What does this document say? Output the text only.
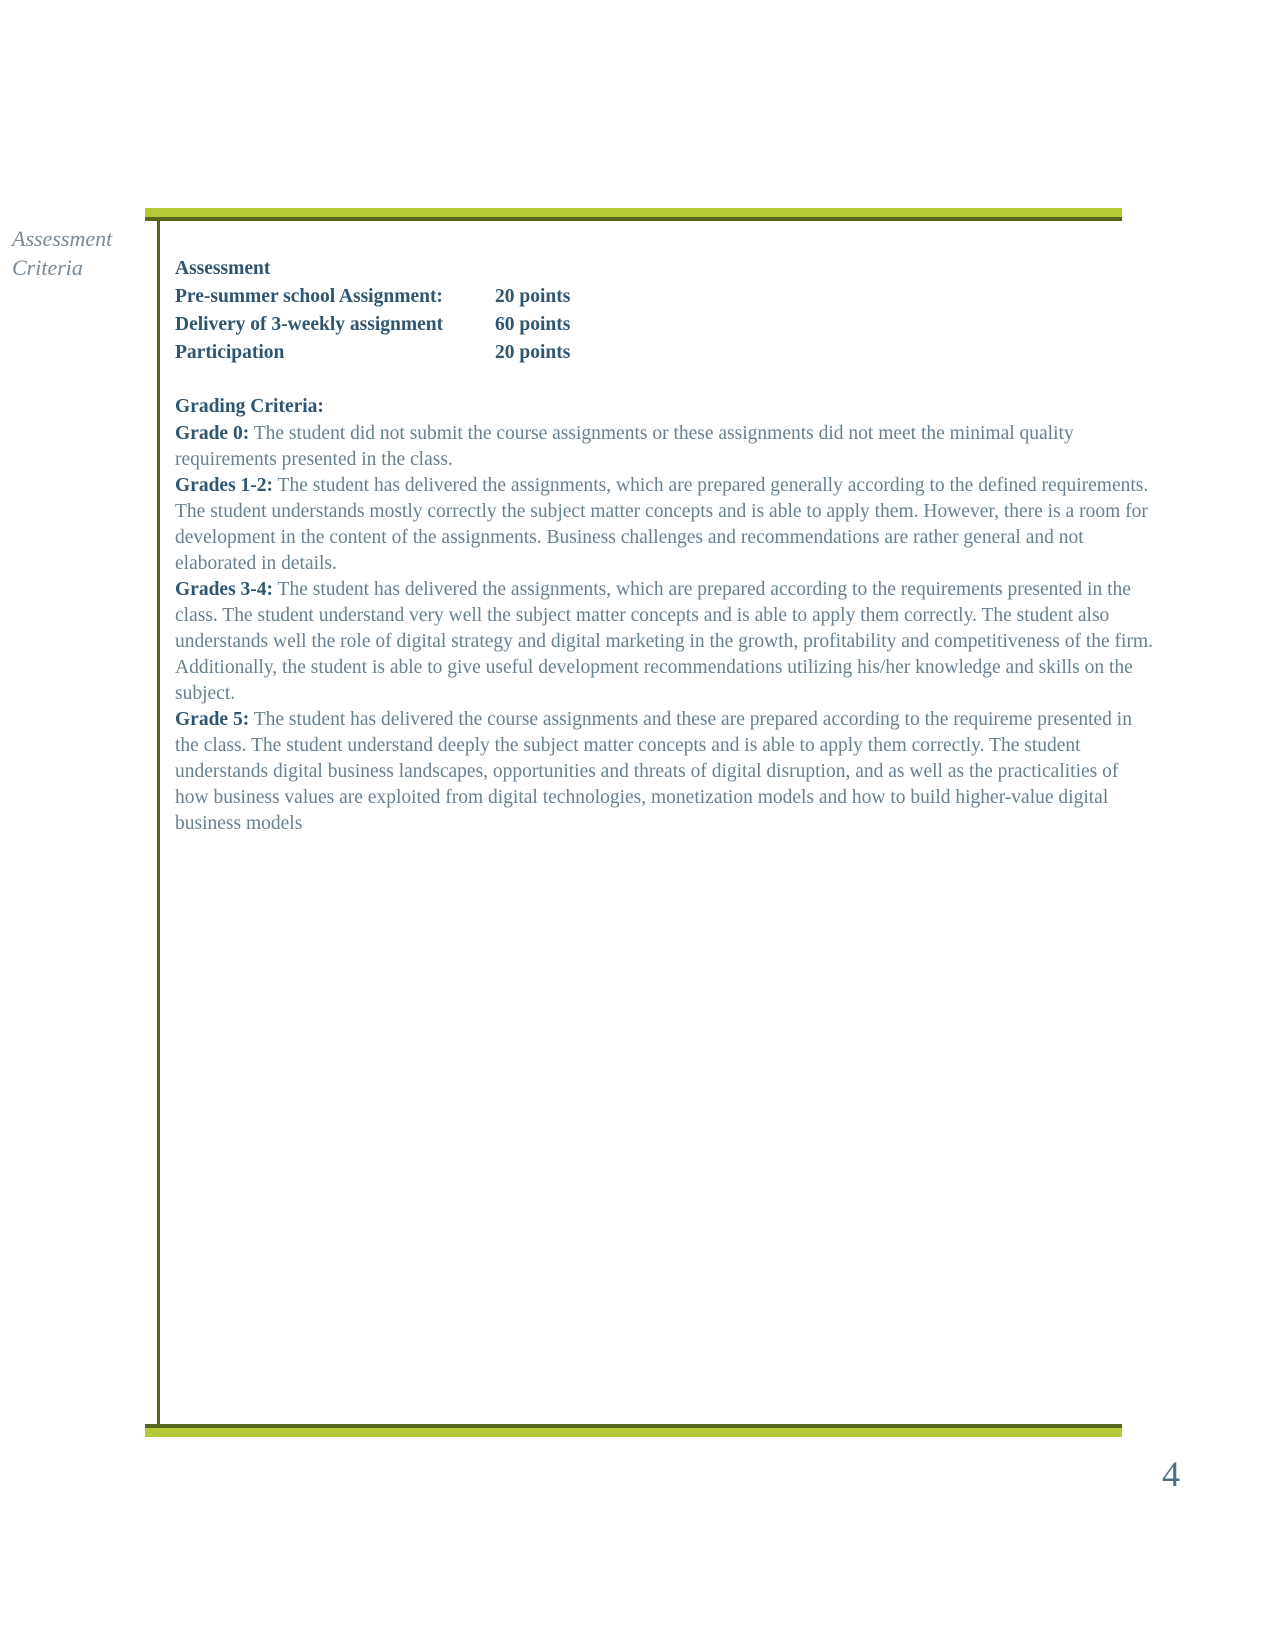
Assessment
Criteria	Assessment

Pre-summer school Assignment:	20 points
Delivery of 3-weekly assignment	60 points
Participation	20 points

Grading Criteria:

Grade 0: The student did not submit the course assignments or these assignments did not meet the minimal quality requirements presented in the class.

Grades 1-2: The student has delivered the assignments, which are prepared generally according to the defined requirements. The student understands mostly correctly the subject matter concepts and is able to apply them. However, there is a room for development in the content of the assignments. Business challenges and recommendations are rather general and not elaborated in details.

Grades 3-4: The student has delivered the assignments, which are prepared according to the requirements presented in the class. The student understand very well the subject matter concepts and is able to apply them correctly. The student also understands well the role of digital strategy and digital marketing in the growth, profitability and competitiveness of the firm. Additionally, the student is able to give useful development recommendations utilizing his/her knowledge and skills on the subject.

Grade 5: The student has delivered the course assignments and these are prepared according to the requireme presented in the class. The student understand deeply the subject matter concepts and is able to apply them correctly. The student understands digital business landscapes, opportunities and threats of digital disruption, and as well as the practicalities of how business values are exploited from digital technologies, monetization models and how to build higher-value digital business models

4
